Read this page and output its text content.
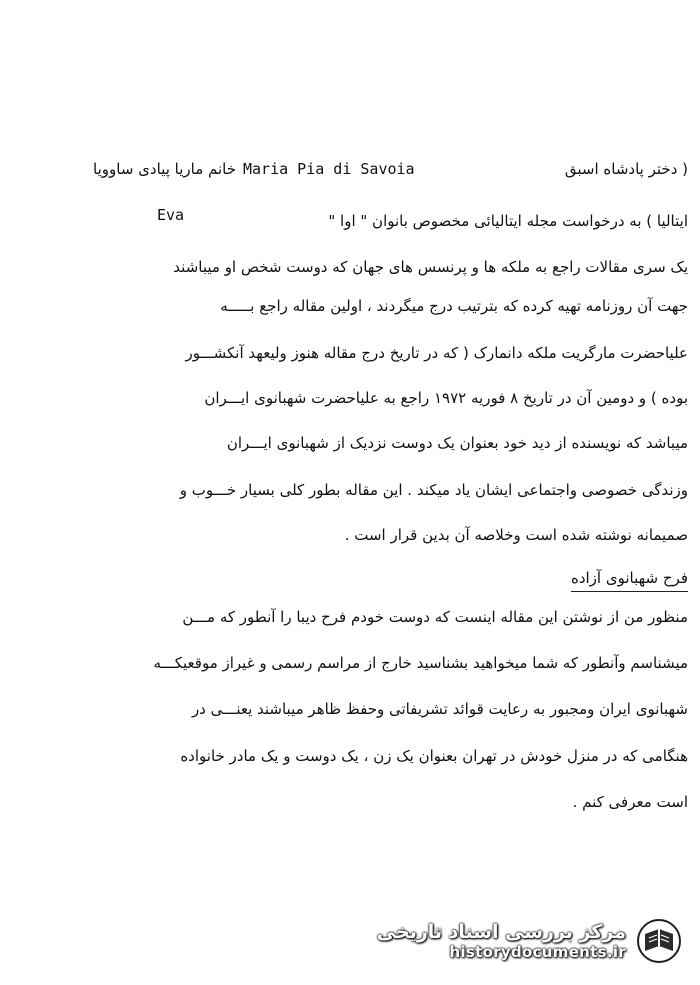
( دختر پادشاه اسبق
Maria Pia di Savoia
خانم ماریا پیادی ساوویا
Eva	ایتالیا ) به درخواست مجله ایتالیائی مخصوص بانوان " اوا "
یک سری مقالات راجع به ملکه ها و پرنسس های جهان که دوست شخص او میباشند
جهت آن روزنامه تهیه کرده که بترتیب درج میگردند ، اولین مقاله راجع بـــــه
علیاحضرت مارگریت ملکه دانمارک ( که در تاریخ درج مقاله هنوز ولیعهد آنکشـــور
بوده ) و دومین آن در تاریخ ۸ فوریه ۱۹۷۲ راجع به علیاحضرت شهبانوی ایـــران
میباشد که نویسنده از دید خود بعنوان یک دوست نزدیک از شهبانوی ایـــران
وزندگی خصوصی واجتماعی ایشان یاد میکند . این مقاله بطور کلی بسیار خـــوب و
صمیمانه نوشته شده است وخلاصه آن بدین قرار است .
فرح شهبانوی آزاده
منظور من از نوشتن این مقاله اینست که دوست خودم فرح دیبا را آنطور که مـــن
میشناسم وآنطور که شما میخواهید بشناسید خارج از مراسم رسمی و غیراز موقعیکـــه
شهبانوی ایران ومجبور به رعایت قوائد تشریفاتی وحفظ ظاهر میباشند یعنـــی در
هنگامی که در منزل خودش در تهران بعنوان یک زن ، یک دوست و یک مادر خانواده
است معرفی کنم .
مرکز بررسی اسناد تاریخی
historydocuments.ir
